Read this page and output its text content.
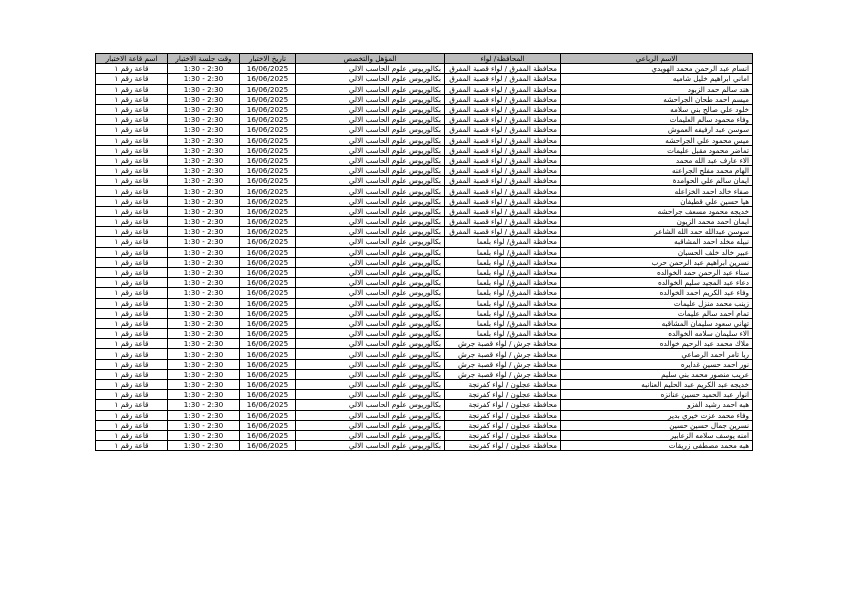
الاسم الرباعي	المحافظة/ لواء	المؤهل والتخصص	تاريخ الاختبار	وقت جلسة الاختبار	اسم قاعة الاختبار
انسام عبد الرحمن محمد الهويدي	محافظة المفرق / لواء قصبة المفرق	بكالوريوس علوم الحاسب الالي	16/06/2025	1:30 - 2:30	قاعة رقم ١
اماني ابراهيم خليل شاميه	محافظة المفرق / لواء قصبة المفرق	بكالوريوس علوم الحاسب الالي	16/06/2025	1:30 - 2:30	قاعة رقم ١
هند سالم حمد الزبود	محافظة المفرق / لواء قصبة المفرق	بكالوريوس علوم الحاسب الالي	16/06/2025	1:30 - 2:30	قاعة رقم ١
ميسم احمد طحان الجراحشه	محافظة المفرق / لواء قصبة المفرق	بكالوريوس علوم الحاسب الالي	16/06/2025	1:30 - 2:30	قاعة رقم ١
خلود علي صالح بني سلامه	محافظة المفرق / لواء قصبة المفرق	بكالوريوس علوم الحاسب الالي	16/06/2025	1:30 - 2:30	قاعة رقم ١
وفاء محمود سالم العليمات	محافظة المفرق / لواء قصبة المفرق	بكالوريوس علوم الحاسب الالي	16/06/2025	1:30 - 2:30	قاعة رقم ١
سوسن عبد ارفيفه العموش	محافظة المفرق / لواء قصبة المفرق	بكالوريوس علوم الحاسب الالي	16/06/2025	1:30 - 2:30	قاعة رقم ١
ميس محمود علي الجراحشه	محافظة المفرق / لواء قصبة المفرق	بكالوريوس علوم الحاسب الالي	16/06/2025	1:30 - 2:30	قاعة رقم ١
تماضر محمود مقبل عليمات	محافظة المفرق / لواء قصبة المفرق	بكالوريوس علوم الحاسب الالي	16/06/2025	1:30 - 2:30	قاعة رقم ١
الاء عارف عبد الله محمد	محافظة المفرق / لواء قصبة المفرق	بكالوريوس علوم الحاسب الالي	16/06/2025	1:30 - 2:30	قاعة رقم ١
الهام محمد مفلح الجراعنه	محافظة المفرق / لواء قصبة المفرق	بكالوريوس علوم الحاسب الالي	16/06/2025	1:30 - 2:30	قاعة رقم ١
ايمان سالم علي الحوامدة	محافظة المفرق / لواء قصبة المفرق	بكالوريوس علوم الحاسب الالي	16/06/2025	1:30 - 2:30	قاعة رقم ١
صفاء خالد احمد الخزاعله	محافظة المفرق / لواء قصبة المفرق	بكالوريوس علوم الحاسب الالي	16/06/2025	1:30 - 2:30	قاعة رقم ١
هيا حسين علي قطيفان	محافظة المفرق / لواء قصبة المفرق	بكالوريوس علوم الحاسب الالي	16/06/2025	1:30 - 2:30	قاعة رقم ١
خديجه محمود مسعف جراحشه	محافظة المفرق / لواء قصبة المفرق	بكالوريوس علوم الحاسب الالي	16/06/2025	1:30 - 2:30	قاعة رقم ١
ايمان احمد محمد الزيون	محافظة المفرق / لواء قصبة المفرق	بكالوريوس علوم الحاسب الالي	16/06/2025	1:30 - 2:30	قاعة رقم ١
سوسن عبدالله حمد الله الشاعر	محافظة المفرق / لواء قصبة المفرق	بكالوريوس علوم الحاسب الالي	16/06/2025	1:30 - 2:30	قاعة رقم ١
نبيله مخلد احمد المشاقبه	محافظة المفرق/ لواء بلعما	بكالوريوس علوم الحاسب الالي	16/06/2025	1:30 - 2:30	قاعة رقم ١
عبير خالد خلف الحسبان	محافظة المفرق/ لواء بلعما	بكالوريوس علوم الحاسب الالي	16/06/2025	1:30 - 2:30	قاعة رقم ١
نسرين ابراهيم عبد الرحمن حرب	محافظة المفرق/ لواء بلعما	بكالوريوس علوم الحاسب الالي	16/06/2025	1:30 - 2:30	قاعة رقم ١
سناء عبد الرحمن حمد الخوالده	محافظة المفرق/ لواء بلعما	بكالوريوس علوم الحاسب الالي	16/06/2025	1:30 - 2:30	قاعة رقم ١
دعاء عبد المجيد سليم الخوالده	محافظة المفرق/ لواء بلعما	بكالوريوس علوم الحاسب الالي	16/06/2025	1:30 - 2:30	قاعة رقم ١
وفاء عبد الكريم احمد الخوالده	محافظة المفرق/ لواء بلعما	بكالوريوس علوم الحاسب الالي	16/06/2025	1:30 - 2:30	قاعة رقم ١
زينب محمد منزل عليمات	محافظة المفرق/ لواء بلعما	بكالوريوس علوم الحاسب الالي	16/06/2025	1:30 - 2:30	قاعة رقم ١
تمام احمد سالم عليمات	محافظة المفرق/ لواء بلعما	بكالوريوس علوم الحاسب الالي	16/06/2025	1:30 - 2:30	قاعة رقم ١
تهاني سعود سليمان المشاقبه	محافظة المفرق/ لواء بلعما	بكالوريوس علوم الحاسب الالي	16/06/2025	1:30 - 2:30	قاعة رقم ١
الاء سليمان سلامه الخوالده	محافظة المفرق/ لواء بلعما	بكالوريوس علوم الحاسب الالي	16/06/2025	1:30 - 2:30	قاعة رقم ١
ملاك محمد عبد الرحيم خوالده	محافظة جرش / لواء قصبة جرش	بكالوريوس علوم الحاسب الالي	16/06/2025	1:30 - 2:30	قاعة رقم ١
ربا تامر احمد الرصاعي	محافظة جرش / لواء قصبة جرش	بكالوريوس علوم الحاسب الالي	16/06/2025	1:30 - 2:30	قاعة رقم ١
نور احمد حسين غدايره	محافظة جرش / لواء قصبة جرش	بكالوريوس علوم الحاسب الالي	16/06/2025	1:30 - 2:30	قاعة رقم ١
عريب منصور محمد بني سليم	محافظة جرش / لواء قصبة جرش	بكالوريوس علوم الحاسب الالي	16/06/2025	1:30 - 2:30	قاعة رقم ١
خديجه عبد الكريم عبد الحليم العنانبه	محافظة عجلون / لواء كفرنجة	بكالوريوس علوم الحاسب الالي	16/06/2025	1:30 - 2:30	قاعة رقم ١
انوار عبد الحميد حسين عنانزه	محافظة عجلون / لواء كفرنجة	بكالوريوس علوم الحاسب الالي	16/06/2025	1:30 - 2:30	قاعة رقم ١
هبه احمد رشيد الفزو	محافظة عجلون / لواء كفرنجة	بكالوريوس علوم الحاسب الالي	16/06/2025	1:30 - 2:30	قاعة رقم ١
وفاء محمد عزت خيري بدير	محافظة عجلون / لواء كفرنجة	بكالوريوس علوم الحاسب الالي	16/06/2025	1:30 - 2:30	قاعة رقم ١
نسرين جمال حسين حسين	محافظة عجلون / لواء كفرنجة	بكالوريوس علوم الحاسب الالي	16/06/2025	1:30 - 2:30	قاعة رقم ١
امنه يوسف سلامه الزعابير	محافظة عجلون / لواء كفرنجة	بكالوريوس علوم الحاسب الالي	16/06/2025	1:30 - 2:30	قاعة رقم ١
هبه محمد مصطفى زريقات	محافظة عجلون / لواء كفرنجة	بكالوريوس علوم الحاسب الالي	16/06/2025	1:30 - 2:30	قاعة رقم ١
